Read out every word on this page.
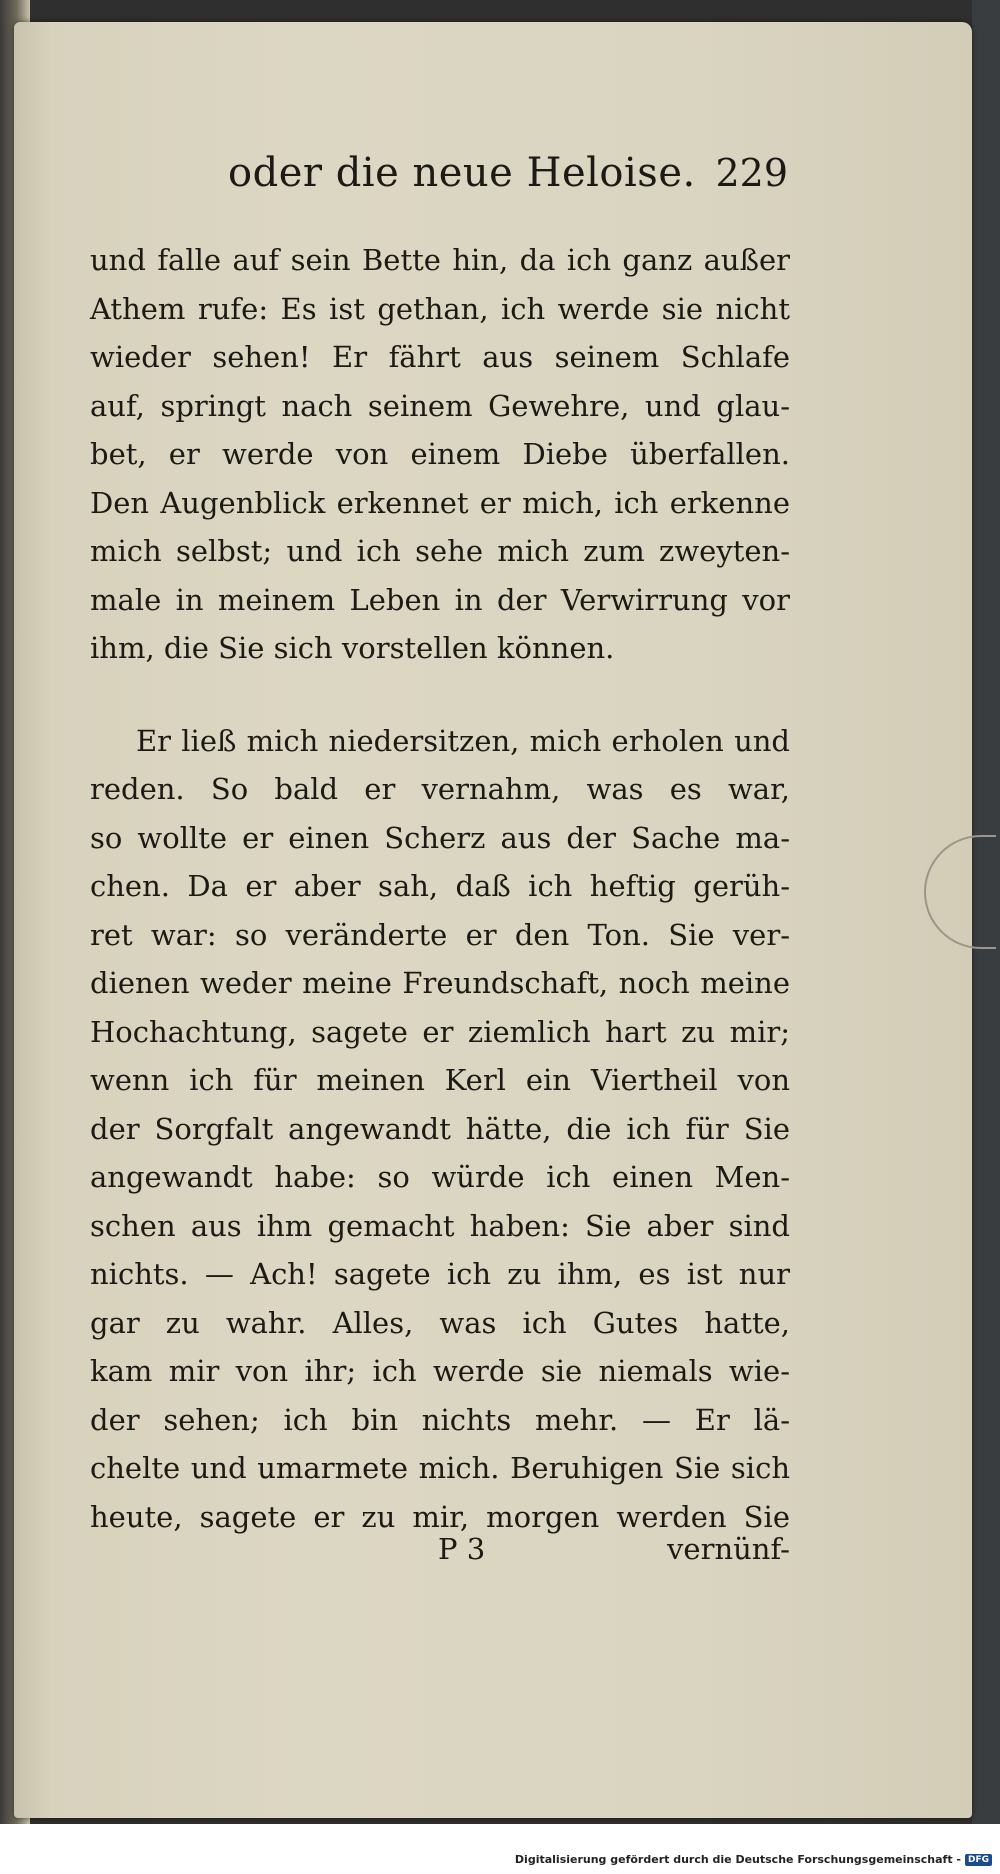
oder die neue Heloise. 229
und falle auf sein Bette hin, da ich ganz außer
Athem rufe: Es ist gethan, ich werde sie nicht
wieder sehen! Er fährt aus seinem Schlafe
auf, springt nach seinem Gewehre, und glau-
bet, er werde von einem Diebe überfallen.
Den Augenblick erkennet er mich, ich erkenne
mich selbst; und ich sehe mich zum zweyten-
male in meinem Leben in der Verwirrung vor
ihm, die Sie sich vorstellen können.
Er ließ mich niedersitzen, mich erholen und
reden. So bald er vernahm, was es war,
so wollte er einen Scherz aus der Sache ma-
chen. Da er aber sah, daß ich heftig gerüh-
ret war: so veränderte er den Ton. Sie ver-
dienen weder meine Freundschaft, noch meine
Hochachtung, sagete er ziemlich hart zu mir;
wenn ich für meinen Kerl ein Viertheil von
der Sorgfalt angewandt hätte, die ich für Sie
angewandt habe: so würde ich einen Men-
schen aus ihm gemacht haben: Sie aber sind
nichts. — Ach! sagete ich zu ihm, es ist nur
gar zu wahr. Alles, was ich Gutes hatte,
kam mir von ihr; ich werde sie niemals wie-
der sehen; ich bin nichts mehr. — Er lä-
chelte und umarmete mich. Beruhigen Sie sich
heute, sagete er zu mir, morgen werden Sie
P 3	vernünf-
Digitalisierung gefördert durch die Deutsche Forschungsgemeinschaft - DFG
